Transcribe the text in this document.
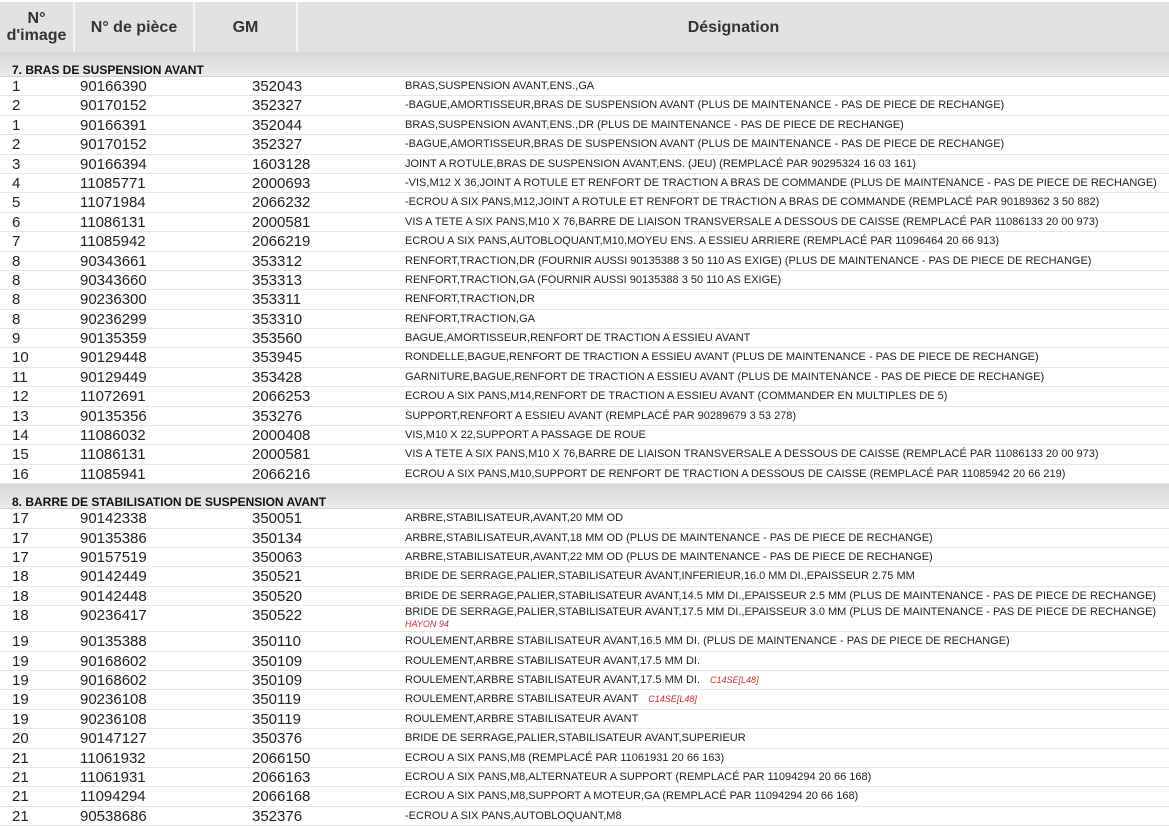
N° d'image	N° de pièce	GM	Désignation
7. BRAS DE SUSPENSION AVANT
1	90166390	352043	BRAS,SUSPENSION AVANT,ENS.,GA
2	90170152	352327	-BAGUE,AMORTISSEUR,BRAS DE SUSPENSION AVANT (PLUS DE MAINTENANCE - PAS DE PIECE DE RECHANGE)
1	90166391	352044	BRAS,SUSPENSION AVANT,ENS.,DR (PLUS DE MAINTENANCE - PAS DE PIECE DE RECHANGE)
2	90170152	352327	-BAGUE,AMORTISSEUR,BRAS DE SUSPENSION AVANT (PLUS DE MAINTENANCE - PAS DE PIECE DE RECHANGE)
3	90166394	1603128	JOINT A ROTULE,BRAS DE SUSPENSION AVANT,ENS. (JEU) (REMPLACÉ PAR 90295324 16 03 161)
4	11085771	2000693	-VIS,M12 X 36,JOINT A ROTULE ET RENFORT DE TRACTION A BRAS DE COMMANDE (PLUS DE MAINTENANCE - PAS DE PIECE DE RECHANGE)
5	11071984	2066232	-ECROU A SIX PANS,M12,JOINT A ROTULE ET RENFORT DE TRACTION A BRAS DE COMMANDE (REMPLACÉ PAR 90189362 3 50 882)
6	11086131	2000581	VIS A TETE A SIX PANS,M10 X 76,BARRE DE LIAISON TRANSVERSALE A DESSOUS DE CAISSE (REMPLACÉ PAR 11086133 20 00 973)
7	11085942	2066219	ECROU A SIX PANS,AUTOBLOQUANT,M10,MOYEU ENS. A ESSIEU ARRIERE (REMPLACÉ PAR 11096464 20 66 913)
8	90343661	353312	RENFORT,TRACTION,DR (FOURNIR AUSSI 90135388 3 50 110 AS EXIGE) (PLUS DE MAINTENANCE - PAS DE PIECE DE RECHANGE)
8	90343660	353313	RENFORT,TRACTION,GA (FOURNIR AUSSI 90135388 3 50 110 AS EXIGE)
8	90236300	353311	RENFORT,TRACTION,DR
8	90236299	353310	RENFORT,TRACTION,GA
9	90135359	353560	BAGUE,AMORTISSEUR,RENFORT DE TRACTION A ESSIEU AVANT
10	90129448	353945	RONDELLE,BAGUE,RENFORT DE TRACTION A ESSIEU AVANT (PLUS DE MAINTENANCE - PAS DE PIECE DE RECHANGE)
11	90129449	353428	GARNITURE,BAGUE,RENFORT DE TRACTION A ESSIEU AVANT (PLUS DE MAINTENANCE - PAS DE PIECE DE RECHANGE)
12	11072691	2066253	ECROU A SIX PANS,M14,RENFORT DE TRACTION A ESSIEU AVANT (COMMANDER EN MULTIPLES DE 5)
13	90135356	353276	SUPPORT,RENFORT A ESSIEU AVANT (REMPLACÉ PAR 90289679 3 53 278)
14	11086032	2000408	VIS,M10 X 22,SUPPORT A PASSAGE DE ROUE
15	11086131	2000581	VIS A TETE A SIX PANS,M10 X 76,BARRE DE LIAISON TRANSVERSALE A DESSOUS DE CAISSE (REMPLACÉ PAR 11086133 20 00 973)
16	11085941	2066216	ECROU A SIX PANS,M10,SUPPORT DE RENFORT DE TRACTION A DESSOUS DE CAISSE (REMPLACÉ PAR 11085942 20 66 219)
8. BARRE DE STABILISATION DE SUSPENSION AVANT
17	90142338	350051	ARBRE,STABILISATEUR,AVANT,20 MM OD
17	90135386	350134	ARBRE,STABILISATEUR,AVANT,18 MM OD (PLUS DE MAINTENANCE - PAS DE PIECE DE RECHANGE)
17	90157519	350063	ARBRE,STABILISATEUR,AVANT,22 MM OD (PLUS DE MAINTENANCE - PAS DE PIECE DE RECHANGE)
18	90142449	350521	BRIDE DE SERRAGE,PALIER,STABILISATEUR AVANT,INFERIEUR,16.0 MM DI.,EPAISSEUR 2.75 MM
18	90142448	350520	BRIDE DE SERRAGE,PALIER,STABILISATEUR AVANT,14.5 MM DI.,EPAISSEUR 2.5 MM (PLUS DE MAINTENANCE - PAS DE PIECE DE RECHANGE)
18	90236417	350522	BRIDE DE SERRAGE,PALIER,STABILISATEUR AVANT,17.5 MM DI.,EPAISSEUR 3.0 MM (PLUS DE MAINTENANCE - PAS DE PIECE DE RECHANGE)
HAYON 94
19	90135388	350110	ROULEMENT,ARBRE STABILISATEUR AVANT,16.5 MM DI. (PLUS DE MAINTENANCE - PAS DE PIECE DE RECHANGE)
19	90168602	350109	ROULEMENT,ARBRE STABILISATEUR AVANT,17.5 MM DI.
19	90168602	350109	ROULEMENT,ARBRE STABILISATEUR AVANT,17.5 MM DI. C14SE[L48]
19	90236108	350119	ROULEMENT,ARBRE STABILISATEUR AVANT C14SE[L48]
19	90236108	350119	ROULEMENT,ARBRE STABILISATEUR AVANT
20	90147127	350376	BRIDE DE SERRAGE,PALIER,STABILISATEUR AVANT,SUPERIEUR
21	11061932	2066150	ECROU A SIX PANS,M8 (REMPLACÉ PAR 11061931 20 66 163)
21	11061931	2066163	ECROU A SIX PANS,M8,ALTERNATEUR A SUPPORT (REMPLACÉ PAR 11094294 20 66 168)
21	11094294	2066168	ECROU A SIX PANS,M8,SUPPORT A MOTEUR,GA (REMPLACÉ PAR 11094294 20 66 168)
21	90538686	352376	-ECROU A SIX PANS,AUTOBLOQUANT,M8
